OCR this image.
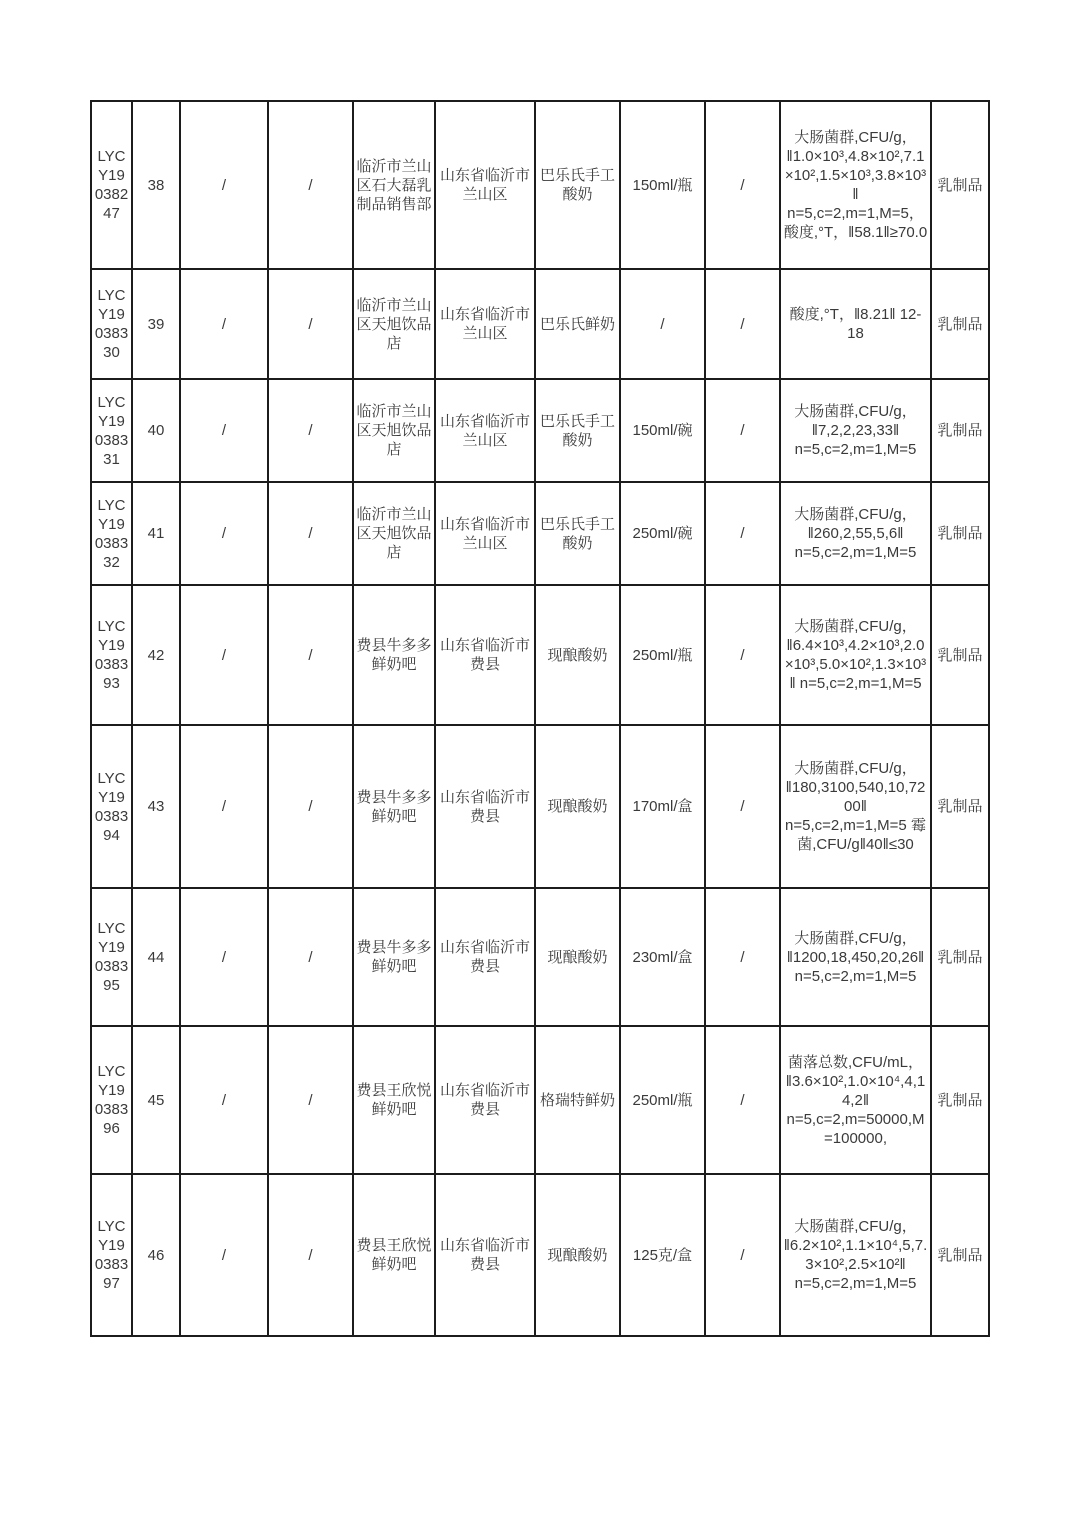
LYCY19038247	38	/	/	临沂市兰山区石大磊乳制品销售部	山东省临沂市兰山区	巴乐氏手工酸奶	150ml/瓶	/	大肠菌群,CFU/g，‖1.0×10³,4.8×10²,7.1×10²,1.5×10³,3.8×10³‖ n=5,c=2,m=1,M=5，酸度,°T，‖58.1‖≥70.0	乳制品
LYCY19038330	39	/	/	临沂市兰山区天旭饮品店	山东省临沂市兰山区	巴乐氏鲜奶	/	/	酸度,°T，‖8.21‖ 12-18	乳制品
LYCY19038331	40	/	/	临沂市兰山区天旭饮品店	山东省临沂市兰山区	巴乐氏手工酸奶	150ml/碗	/	大肠菌群,CFU/g，‖7,2,2,23,33‖ n=5,c=2,m=1,M=5	乳制品
LYCY19038332	41	/	/	临沂市兰山区天旭饮品店	山东省临沂市兰山区	巴乐氏手工酸奶	250ml/碗	/	大肠菌群,CFU/g，‖260,2,55,5,6‖ n=5,c=2,m=1,M=5	乳制品
LYCY19038393	42	/	/	费县牛多多鲜奶吧	山东省临沂市费县	现酿酸奶	250ml/瓶	/	大肠菌群,CFU/g，‖6.4×10³,4.2×10³,2.0×10³,5.0×10²,1.3×10³ ‖ n=5,c=2,m=1,M=5	乳制品
LYCY19038394	43	/	/	费县牛多多鲜奶吧	山东省临沂市费县	现酿酸奶	170ml/盒	/	大肠菌群,CFU/g，‖180,3100,540,10,7200‖ n=5,c=2,m=1,M=5 霉菌,CFU/g‖40‖≤30	乳制品
LYCY19038395	44	/	/	费县牛多多鲜奶吧	山东省临沂市费县	现酿酸奶	230ml/盒	/	大肠菌群,CFU/g，‖1200,18,450,20,26‖ n=5,c=2,m=1,M=5	乳制品
LYCY19038396	45	/	/	费县王欣悦鲜奶吧	山东省临沂市费县	格瑞特鲜奶	250ml/瓶	/	菌落总数,CFU/mL，‖3.6×10²,1.0×10⁴,4,14,2‖ n=5,c=2,m=50000,M=100000,	乳制品
LYCY19038397	46	/	/	费县王欣悦鲜奶吧	山东省临沂市费县	现酿酸奶	125克/盒	/	大肠菌群,CFU/g，‖6.2×10²,1.1×10⁴,5,7.3×10²,2.5×10²‖ n=5,c=2,m=1,M=5	乳制品
